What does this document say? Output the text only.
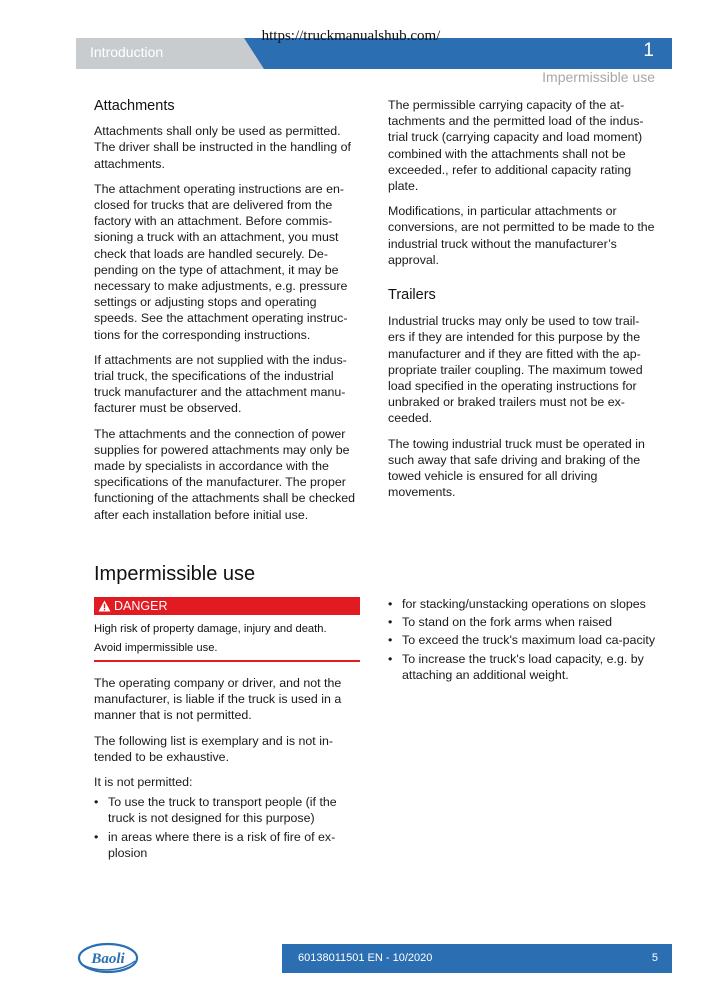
https://truckmanualshub.com/
Introduction	1
Impermissible use
Attachments

Attachments shall only be used as permitted. The driver shall be instructed in the handling of attachments.

The attachment operating instructions are en-closed for trucks that are delivered from the factory with an attachment. Before commis-sioning a truck with an attachment, you must check that loads are handled securely. De-pending on the type of attachment, it may be necessary to make adjustments, e.g. pressure settings or adjusting stops and operating speeds. See the attachment operating instruc-tions for the corresponding instructions.

If attachments are not supplied with the indus-trial truck, the specifications of the industrial truck manufacturer and the attachment manu-facturer must be observed.

The attachments and the connection of power supplies for powered attachments may only be made by specialists in accordance with the specifications of the manufacturer. The proper functioning of the attachments shall be checked after each installation before initial use.

The permissible carrying capacity of the at-tachments and the permitted load of the indus-trial truck (carrying capacity and load moment) combined with the attachments shall not be exceeded., refer to additional capacity rating plate.

Modifications, in particular attachments or conversions, are not permitted to be made to the industrial truck without the manufacturer’s approval.

Trailers

Industrial trucks may only be used to tow trail-ers if they are intended for this purpose by the manufacturer and if they are fitted with the ap-propriate trailer coupling. The maximum towed load specified in the operating instructions for unbraked or braked trailers must not be ex-ceeded.

The towing industrial truck must be operated in such away that safe driving and braking of the towed vehicle is ensured for all driving movements.

Impermissible use
DANGER
High risk of property damage, injury and death.
Avoid impermissible use.

The operating company or driver, and not the manufacturer, is liable if the truck is used in a manner that is not permitted.

The following list is exemplary and is not in-tended to be exhaustive.

It is not permitted:

• To use the truck to transport people (if the truck is not designed for this purpose)
• in areas where there is a risk of fire of ex-plosion
• for stacking/unstacking operations on slopes
• To stand on the fork arms when raised
• To exceed the truck's maximum load ca-pacity
• To increase the truck's load capacity, e.g. by attaching an additional weight.
Baoli	60138011501 EN - 10/2020	5
